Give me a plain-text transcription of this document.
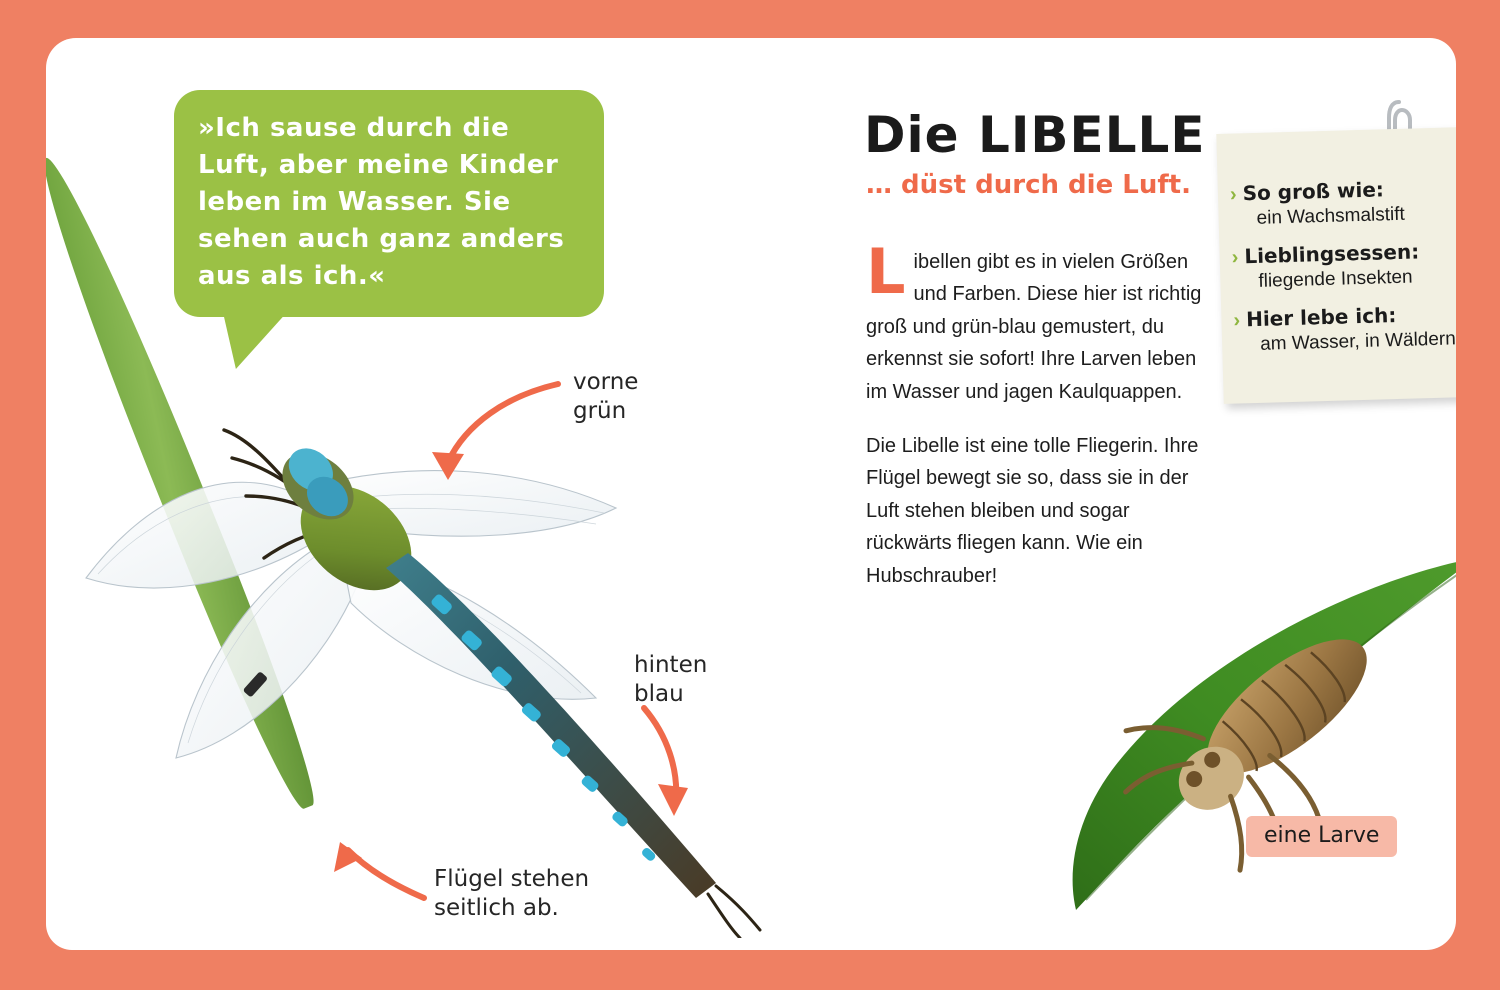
»Ich sause durch die Luft, aber meine Kinder leben im Wasser. Sie sehen auch ganz anders aus als ich.«

vorne
grün
hinten
blau
Flügel stehen
seitlich ab.
Die LIBELLE
… düst durch die Luft.

Libellen gibt es in vielen Größen und Farben. Diese hier ist richtig groß und grün-blau gemustert, du erkennst sie sofort! Ihre Larven leben im Wasser und jagen Kaulquappen.

Die Libelle ist eine tolle Fliegerin. Ihre Flügel bewegt sie so, dass sie in der Luft stehen bleiben und sogar rückwärts fliegen kann. Wie ein Hubschrauber!

› So groß wie:
ein Wachsmalstift
› Lieblingsessen:
fliegende Insekten
› Hier lebe ich:
am Wasser, in Wäldern
eine Larve
